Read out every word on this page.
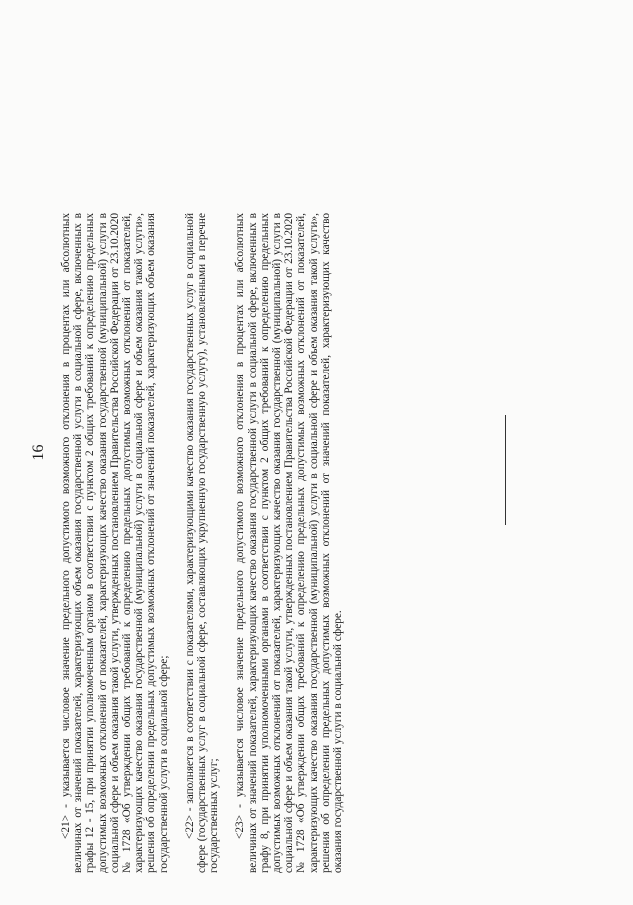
16 <21> - указывается числовое значение предельного допустимого возможного отклонения в процентах или абсолютных величинах от значений показателей, характеризующих объем оказания государственной услуги в социальной сфере, включенных в графы 12 - 15, при принятии уполномоченным органом в соответствии с пунктом 2 общих требований к определению предельных допустимых возможных отклонений от показателей, характеризующих качество оказания государственной (муниципальной) услуги в социальной сфере и объем оказания такой услуги, утвержденных постановлением Правительства Российской Федерации от 23.10.2020 № 1728 «Об утверждении общих требований к определению предельных допустимых возможных отклонений от показателей, характеризующих качество оказания государственной (муниципальной) услуги в социальной сфере и объем оказания такой услуги», решения об определении предельных допустимых возможных отклонений от значений показателей, характеризующих объем оказания государственной услуги в социальной сфере; <22> - заполняется в соответствии с показателями, характеризующими качество оказания государственных услуг в социальной сфере (государственных услуг в социальной сфере, составляющих укрупненную государственную услугу), установленными в перечне государственных услуг; <23> - указывается числовое значение предельного допустимого возможного отклонения в процентах или абсолютных величинах от значений показателей, характеризующих качество оказания государственной услуги в социальной сфере, включенных в графу 8, при принятии уполномоченными органами в соответствии с пунктом 2 общих требований к определению предельных допустимых возможных отклонений от показателей, характеризующих качество оказания государственной (муниципальной) услуги в социальной сфере и объем оказания такой услуги, утвержденных постановлением Правительства Российской Федерации от 23.10.2020 № 1728 «Об утверждении общих требований к определению предельных допустимых возможных отклонений от показателей, характеризующих качество оказания государственной (муниципальной) услуги в социальной сфере и объем оказания такой услуги», решения об определении предельных допустимых возможных отклонений от значений показателей, характеризующих качество оказания государственной услуги в социальной сфере.
